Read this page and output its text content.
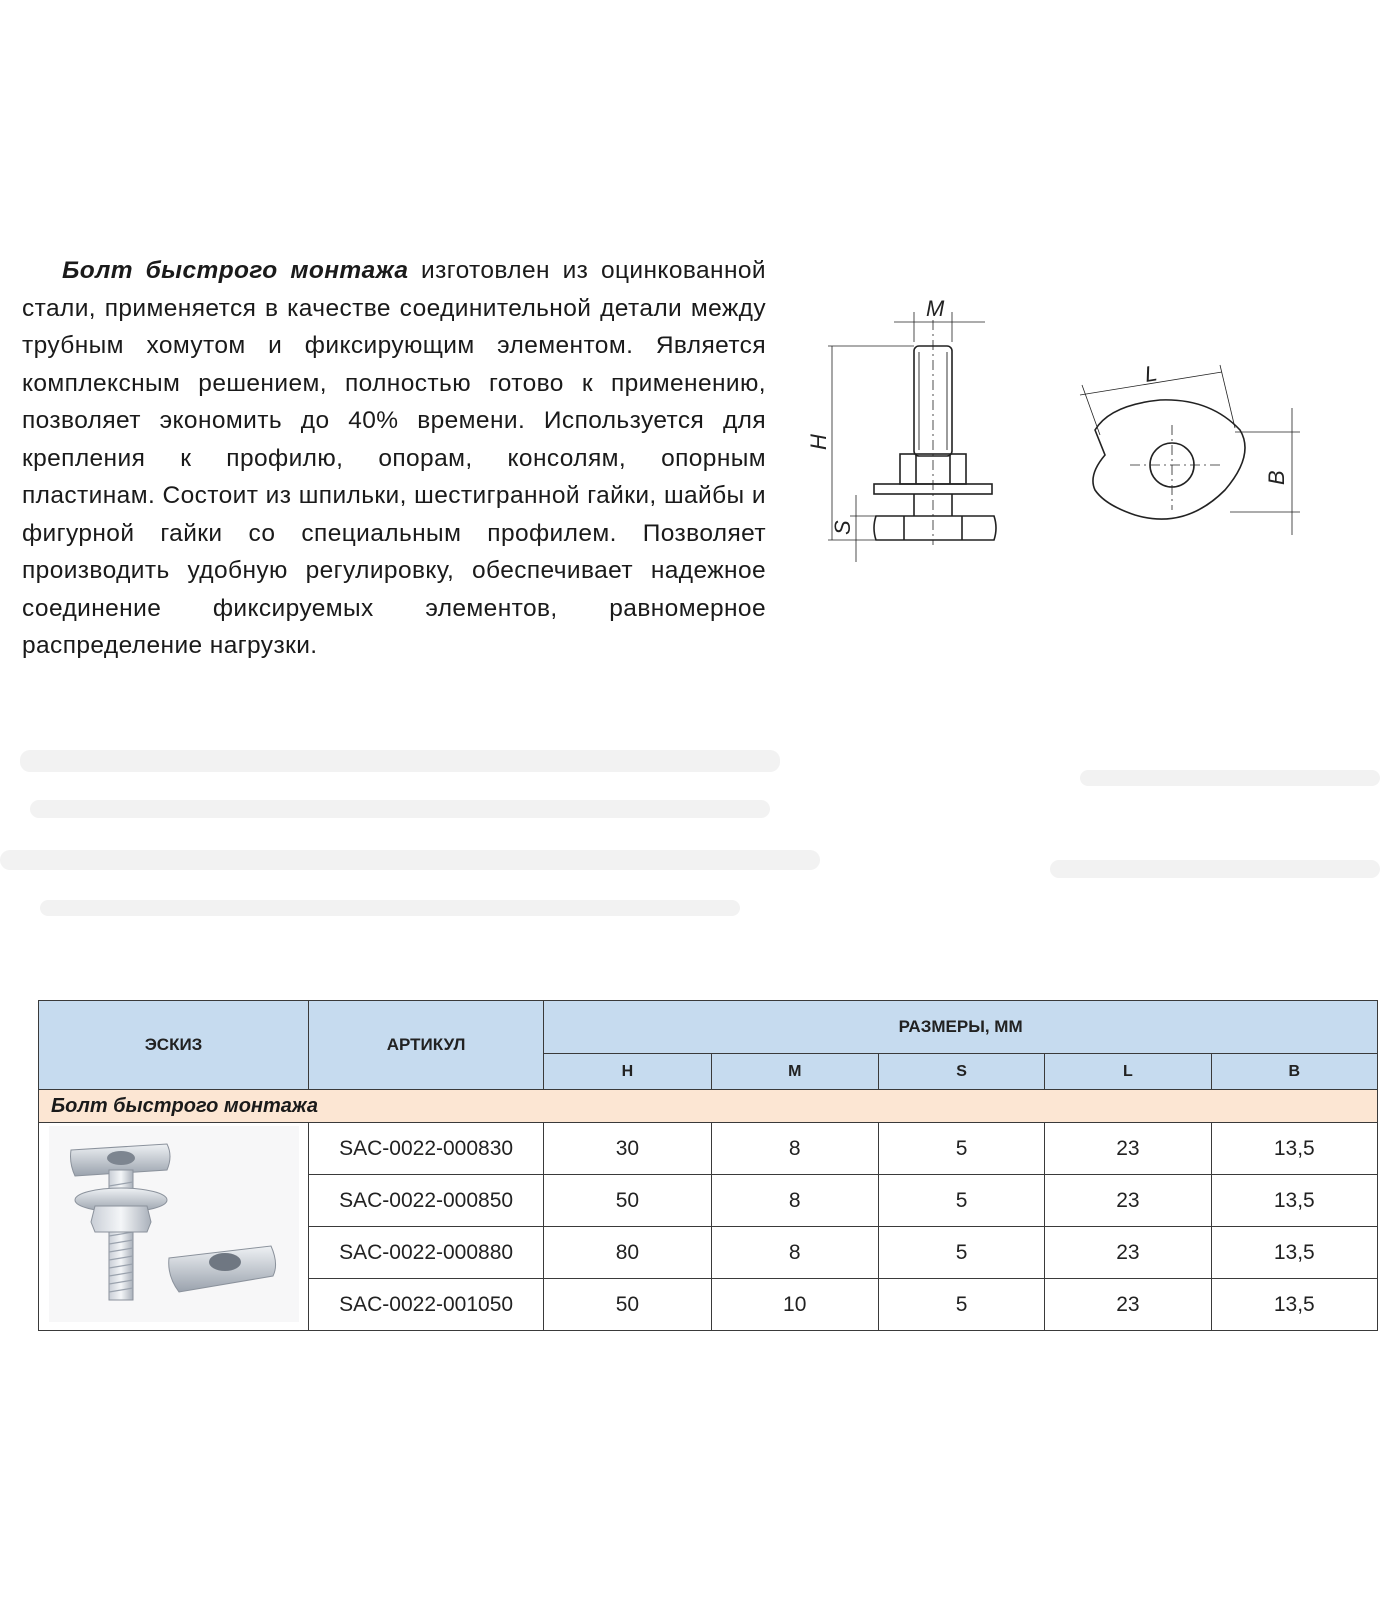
Болт быстрого монтажа изготовлен из оцинкованной стали, применяется в качестве соединительной детали между трубным хомутом и фиксирующим элементом. Является комплексным решением, полностью готово к применению, позволяет экономить до 40% времени. Используется для крепления к профилю, опорам, консолям, опорным пластинам. Состоит из шпильки, шестигранной гайки, шайбы и фигурной гайки со специальным профилем. Позволяет производить удобную регулировку, обеспечивает надежное соединение фиксируемых элементов, равномерное распределение нагрузки.

M
H
S
L
B
ЭСКИЗ	АРТИКУЛ	РАЗМЕРЫ, ММ				
		H	M	S	L	B
Болт быстрого монтажа						
	SAC-0022-000830	30	8	5	23	13,5
	SAC-0022-000850	50	8	5	23	13,5
	SAC-0022-000880	80	8	5	23	13,5
	SAC-0022-001050	50	10	5	23	13,5
